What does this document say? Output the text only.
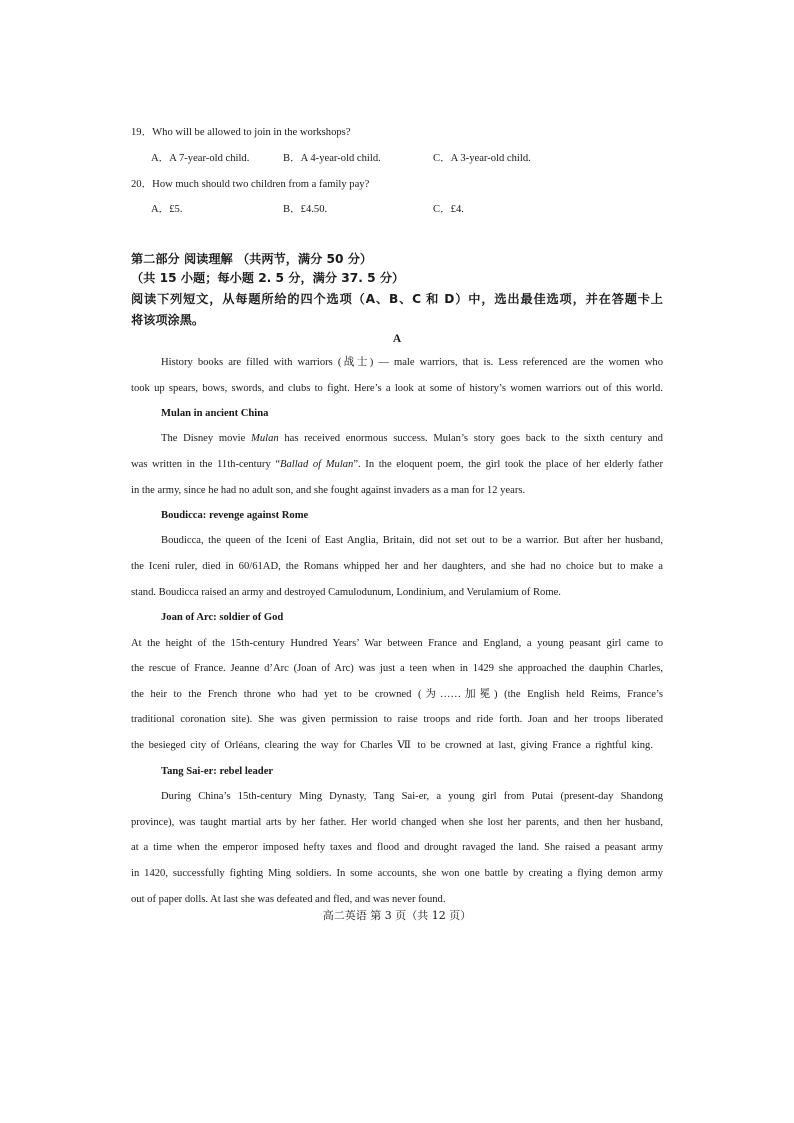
19．Who will be allowed to join in the workshops?
A．A 7-year-old child.	B．A 4-year-old child.	C．A 3-year-old child.
20．How much should two children from a family pay?
A．£5.	B．£4.50.	C．£4.
第二部分 阅读理解 （共两节，满分 50 分）
（共 15 小题；每小题 2. 5 分，满分 37. 5 分）
阅读下列短文，从每题所给的四个选项（A、B、C 和 D）中，选出最佳选项，并在答题卡上
将该项涂黑。
A
History books are filled with warriors (战士) — male warriors, that is. Less referenced are the women who
took up spears, bows, swords, and clubs to fight. Here’s a look at some of history’s women warriors out of this world.
Mulan in ancient China
The Disney movie Mulan has received enormous success. Mulan’s story goes back to the sixth century and
was written in the 11th-century “Ballad of Mulan”. In the eloquent poem, the girl took the place of her elderly father
in the army, since he had no adult son, and she fought against invaders as a man for 12 years.
Boudicca: revenge against Rome
Boudicca, the queen of the Iceni of East Anglia, Britain, did not set out to be a warrior. But after her husband,
the Iceni ruler, died in 60/61AD, the Romans whipped her and her daughters, and she had no choice but to make a
stand. Boudicca raised an army and destroyed Camulodunum, Londinium, and Verulamium of Rome.
Joan of Arc: soldier of God
At the height of the 15th-century Hundred Years’ War between France and England, a young peasant girl came to
the rescue of France. Jeanne d’Arc (Joan of Arc) was just a teen when in 1429 she approached the dauphin Charles,
the heir to the French throne who had yet to be crowned (为……加冕) (the English held Reims, France’s
traditional coronation site). She was given permission to raise troops and ride forth. Joan and her troops liberated
the besieged city of Orléans, clearing the way for Charles Ⅶ to be crowned at last, giving France a rightful king.
Tang Sai-er: rebel leader
During China’s 15th-century Ming Dynasty, Tang Sai-er, a young girl from Putai (present-day Shandong
province), was taught martial arts by her father. Her world changed when she lost her parents, and then her husband,
at a time when the emperor imposed hefty taxes and flood and drought ravaged the land. She raised a peasant army
in 1420, successfully fighting Ming soldiers. In some accounts, she won one battle by creating a flying demon army
out of paper dolls. At last she was defeated and fled, and was never found.
高二英语 第 3 页（共 12 页）
